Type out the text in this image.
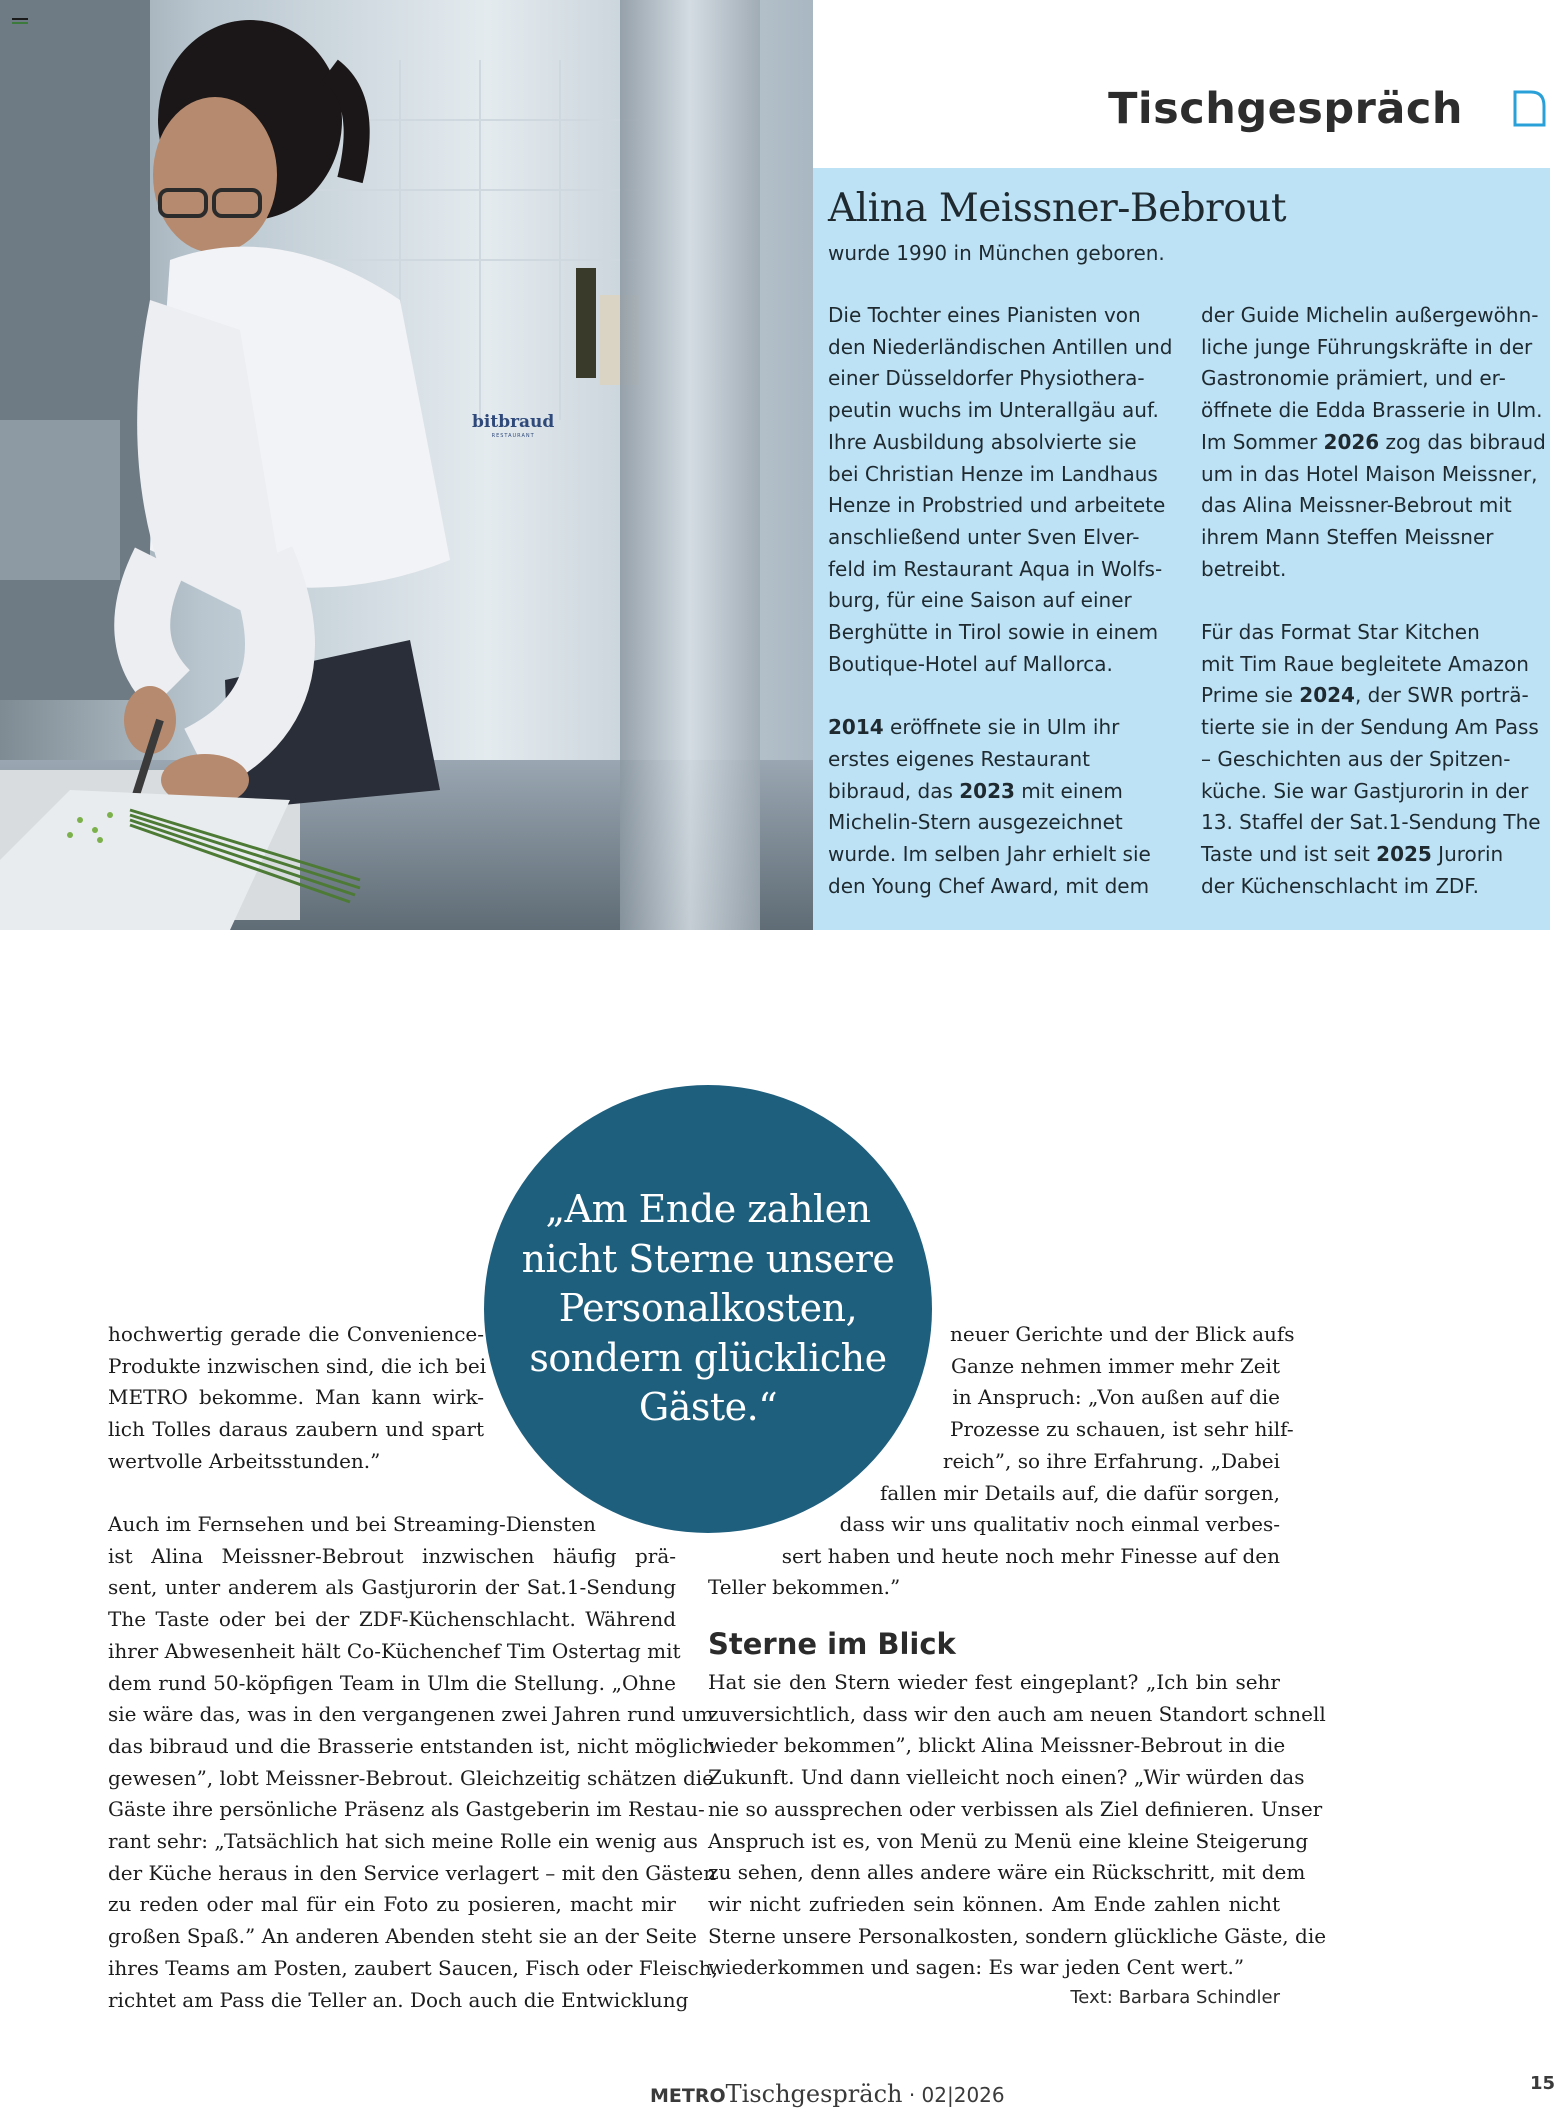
bitbraud
RESTAURANT
Tischgespräch
Alina Meissner-Bebrout
wurde 1990 in München geboren.

Die Tochter eines Pianisten von
den Niederländischen Antillen und
einer Düsseldorfer Physiothera-
peutin wuchs im Unterallgäu auf.
Ihre Ausbildung absolvierte sie
bei Christian Henze im Landhaus
Henze in Probstried und arbeitete
anschließend unter Sven Elver-
feld im Restaurant Aqua in Wolfs-
burg, für eine Saison auf einer
Berghütte in Tirol sowie in einem
Boutique-Hotel auf Mallorca.

2014 eröffnete sie in Ulm ihr
erstes eigenes Restaurant
bibraud, das 2023 mit einem
Michelin-Stern ausgezeichnet
wurde. Im selben Jahr erhielt sie
den Young Chef Award, mit dem

der Guide Michelin außergewöhn-
liche junge Führungskräfte in der
Gastronomie prämiert, und er-
öffnete die Edda Brasserie in Ulm.
Im Sommer 2026 zog das bibraud
um in das Hotel Maison Meissner,
das Alina Meissner-Bebrout mit
ihrem Mann Steffen Meissner
betreibt.

Für das Format Star Kitchen
mit Tim Raue begleitete Amazon
Prime sie 2024, der SWR porträ-
tierte sie in der Sendung Am Pass
– Geschichten aus der Spitzen-
küche. Sie war Gastjurorin in der
13. Staffel der Sat.1-Sendung The
Taste und ist seit 2025 Jurorin
der Küchenschlacht im ZDF.

„Am Ende zahlen
nicht Sterne unsere
Personalkosten,
sondern glückliche
Gäste.“
hochwertig gerade die Convenience-
Produkte inzwischen sind, die ich bei
METRO bekomme. Man kann wirk-
lich Tolles daraus zaubern und spart
wertvolle Arbeitsstunden.”
Auch im Fernsehen und bei Streaming-Diensten
ist Alina Meissner-Bebrout inzwischen häufig prä-
sent, unter anderem als Gastjurorin der Sat.1-Sendung
The Taste oder bei der ZDF-Küchenschlacht. Während
ihrer Abwesenheit hält Co-Küchenchef Tim Ostertag mit
dem rund 50-köpfigen Team in Ulm die Stellung. „Ohne
sie wäre das, was in den vergangenen zwei Jahren rund um
das bibraud und die Brasserie entstanden ist, nicht möglich
gewesen”, lobt Meissner-Bebrout. Gleichzeitig schätzen die
Gäste ihre persönliche Präsenz als Gastgeberin im Restau-
rant sehr: „Tatsächlich hat sich meine Rolle ein wenig aus
der Küche heraus in den Service verlagert – mit den Gästen
zu reden oder mal für ein Foto zu posieren, macht mir
großen Spaß.” An anderen Abenden steht sie an der Seite
ihres Teams am Posten, zaubert Saucen, Fisch oder Fleisch,
richtet am Pass die Teller an. Doch auch die Entwicklung
neuer Gerichte und der Blick aufs
Ganze nehmen immer mehr Zeit
in Anspruch: „Von außen auf die
Prozesse zu schauen, ist sehr hilf-
reich”, so ihre Erfahrung. „Dabei
fallen mir Details auf, die dafür sorgen,
dass wir uns qualitativ noch einmal verbes-
sert haben und heute noch mehr Finesse auf den
Teller bekommen.”
Sterne im Blick
Hat sie den Stern wieder fest eingeplant? „Ich bin sehr
zuversichtlich, dass wir den auch am neuen Standort schnell
wieder bekommen”, blickt Alina Meissner-Bebrout in die
Zukunft. Und dann vielleicht noch einen? „Wir würden das
nie so aussprechen oder verbissen als Ziel definieren. Unser
Anspruch ist es, von Menü zu Menü eine kleine Steigerung
zu sehen, denn alles andere wäre ein Rückschritt, mit dem
wir nicht zufrieden sein können. Am Ende zahlen nicht
Sterne unsere Personalkosten, sondern glückliche Gäste, die
wiederkommen und sagen: Es war jeden Cent wert.”
Text: Barbara Schindler
METROTischgespräch · 02|2026	15
